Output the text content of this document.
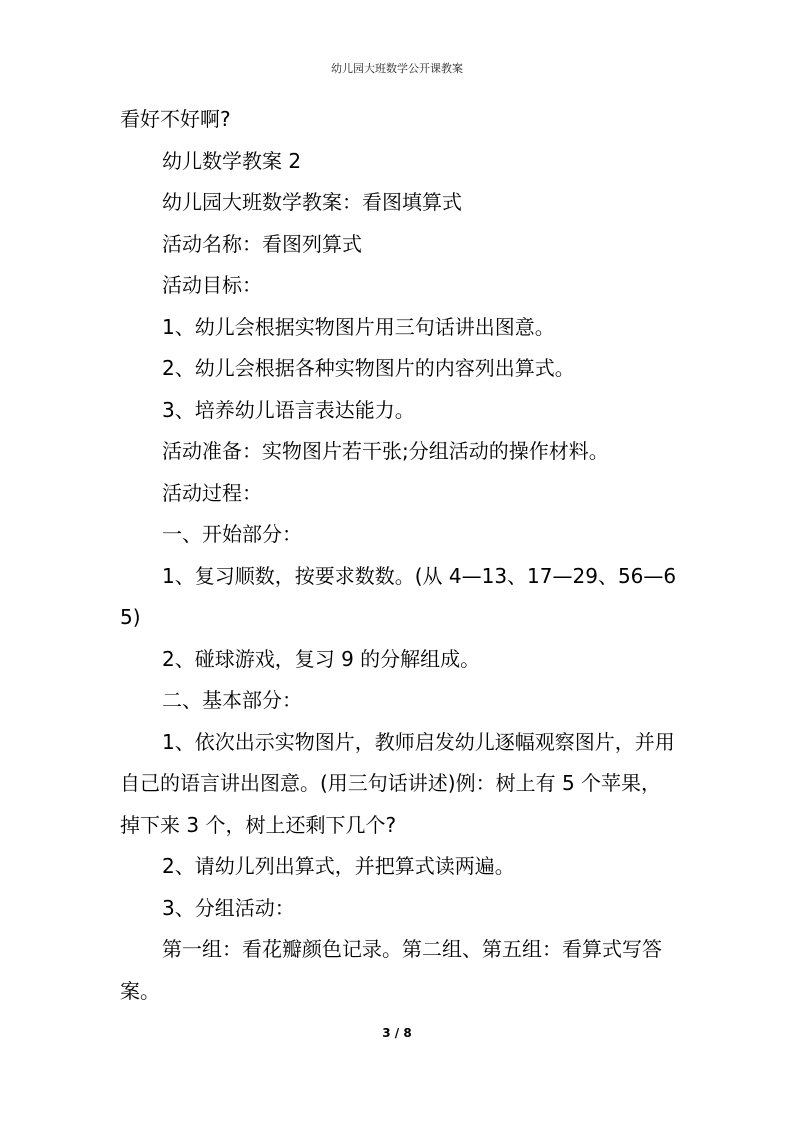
幼儿园大班数学公开课教案

看好不好啊?

幼儿数学教案 2

幼儿园大班数学教案：看图填算式

活动名称：看图列算式

活动目标：

1、幼儿会根据实物图片用三句话讲出图意。

2、幼儿会根据各种实物图片的内容列出算式。

3、培养幼儿语言表达能力。

活动准备：实物图片若干张;分组活动的操作材料。

活动过程：

一、开始部分：

1、复习顺数，按要求数数。(从 4—13、17—29、56—65)

2、碰球游戏，复习 9 的分解组成。

二、基本部分：

1、依次出示实物图片，教师启发幼儿逐幅观察图片，并用自己的语言讲出图意。(用三句话讲述)例：树上有 5 个苹果，掉下来 3 个，树上还剩下几个?

2、请幼儿列出算式，并把算式读两遍。

3、分组活动：

第一组：看花瓣颜色记录。第二组、第五组：看算式写答案。

3 / 8
